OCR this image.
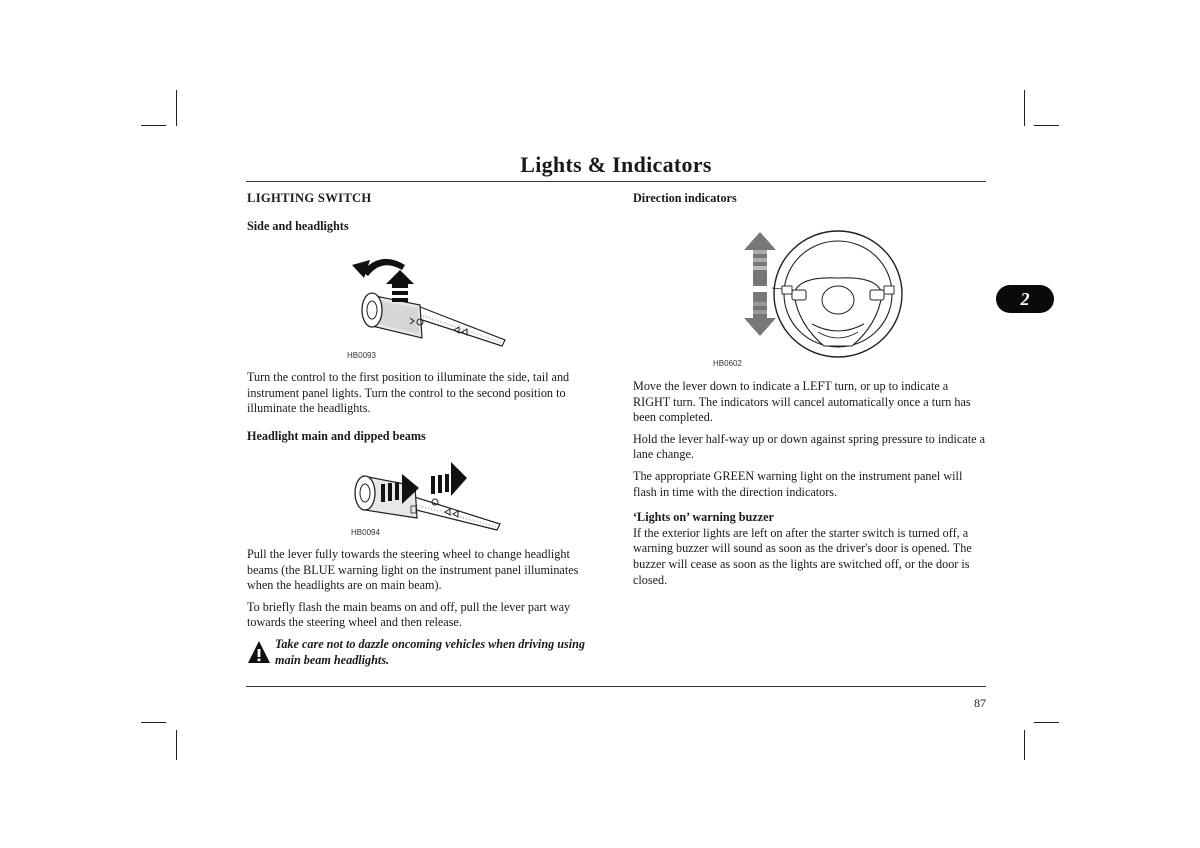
Lights & Indicators
2
LIGHTING SWITCH
Side and headlights
HB0093

Turn the control to the first position to illuminate the side, tail and instrument panel lights. Turn the control to the second position to illuminate the headlights.

Headlight main and dipped beams
HB0094

Pull the lever fully towards the steering wheel to change headlight beams (the BLUE warning light on the instrument panel illuminates when the headlights are on main beam).

To briefly flash the main beams on and off, pull the lever part way towards the steering wheel and then release.

Take care not to dazzle oncoming vehicles when driving using main beam headlights.
Direction indicators
HB0602

Move the lever down to indicate a LEFT turn, or up to indicate a RIGHT turn. The indicators will cancel automatically once a turn has been completed.

Hold the lever half-way up or down against spring pressure to indicate a lane change.

The appropriate GREEN warning light on the instrument panel will flash in time with the direction indicators.

‘Lights on’ warning buzzer

If the exterior lights are left on after the starter switch is turned off, a warning buzzer will sound as soon as the driver's door is opened. The buzzer will cease as soon as the lights are switched off, or the door is closed.

87
